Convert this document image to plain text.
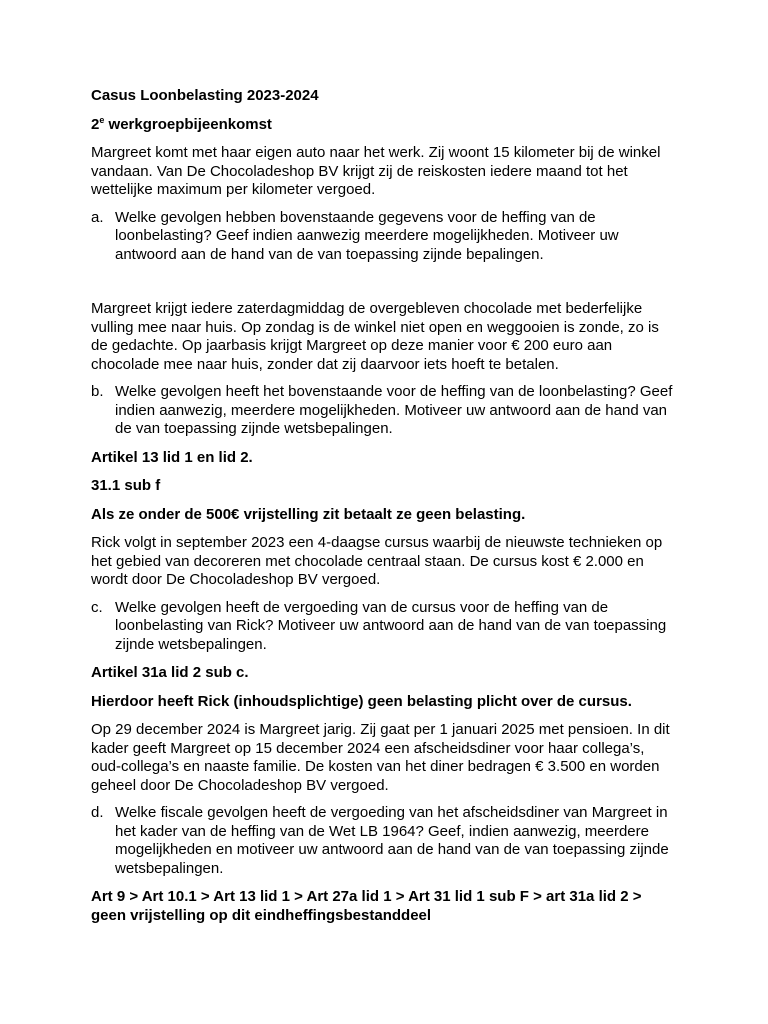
Casus Loonbelasting 2023-2024

2e werkgroepbijeenkomst

Margreet komt met haar eigen auto naar het werk. Zij woont 15 kilometer bij de winkel vandaan. Van De Chocoladeshop BV krijgt zij de reiskosten iedere maand tot het wettelijke maximum per kilometer vergoed.

a. Welke gevolgen hebben bovenstaande gegevens voor de heffing van de loonbelasting? Geef indien aanwezig meerdere mogelijkheden. Motiveer uw antwoord aan de hand van de van toepassing zijnde bepalingen.

Margreet krijgt iedere zaterdagmiddag de overgebleven chocolade met bederfelijke vulling mee naar huis. Op zondag is de winkel niet open en weggooien is zonde, zo is de gedachte. Op jaarbasis krijgt Margreet op deze manier voor € 200 euro aan chocolade mee naar huis, zonder dat zij daarvoor iets hoeft te betalen.

b. Welke gevolgen heeft het bovenstaande voor de heffing van de loonbelasting? Geef indien aanwezig, meerdere mogelijkheden. Motiveer uw antwoord aan de hand van de van toepassing zijnde wetsbepalingen.

Artikel 13 lid 1 en lid 2.

31.1 sub f

Als ze onder de 500€ vrijstelling zit betaalt ze geen belasting.

Rick volgt in september 2023 een 4-daagse cursus waarbij de nieuwste technieken op het gebied van decoreren met chocolade centraal staan. De cursus kost € 2.000 en wordt door De Chocoladeshop BV vergoed.

c. Welke gevolgen heeft de vergoeding van de cursus voor de heffing van de loonbelasting van Rick? Motiveer uw antwoord aan de hand van de van toepassing zijnde wetsbepalingen.

Artikel 31a lid 2 sub c.

Hierdoor heeft Rick (inhoudsplichtige) geen belasting plicht over de cursus.

Op 29 december 2024 is Margreet jarig. Zij gaat per 1 januari 2025 met pensioen. In dit kader geeft Margreet op 15 december 2024 een afscheidsdiner voor haar collega’s, oud-collega’s en naaste familie. De kosten van het diner bedragen € 3.500 en worden geheel door De Chocoladeshop BV vergoed.

d. Welke fiscale gevolgen heeft de vergoeding van het afscheidsdiner van Margreet in het kader van de heffing van de Wet LB 1964? Geef, indien aanwezig, meerdere mogelijkheden en motiveer uw antwoord aan de hand van de van toepassing zijnde wetsbepalingen.

Art 9 > Art 10.1 > Art 13 lid 1 > Art 27a lid 1 > Art 31 lid 1 sub F > art 31a lid 2 > geen vrijstelling op dit eindheffingsbestanddeel
